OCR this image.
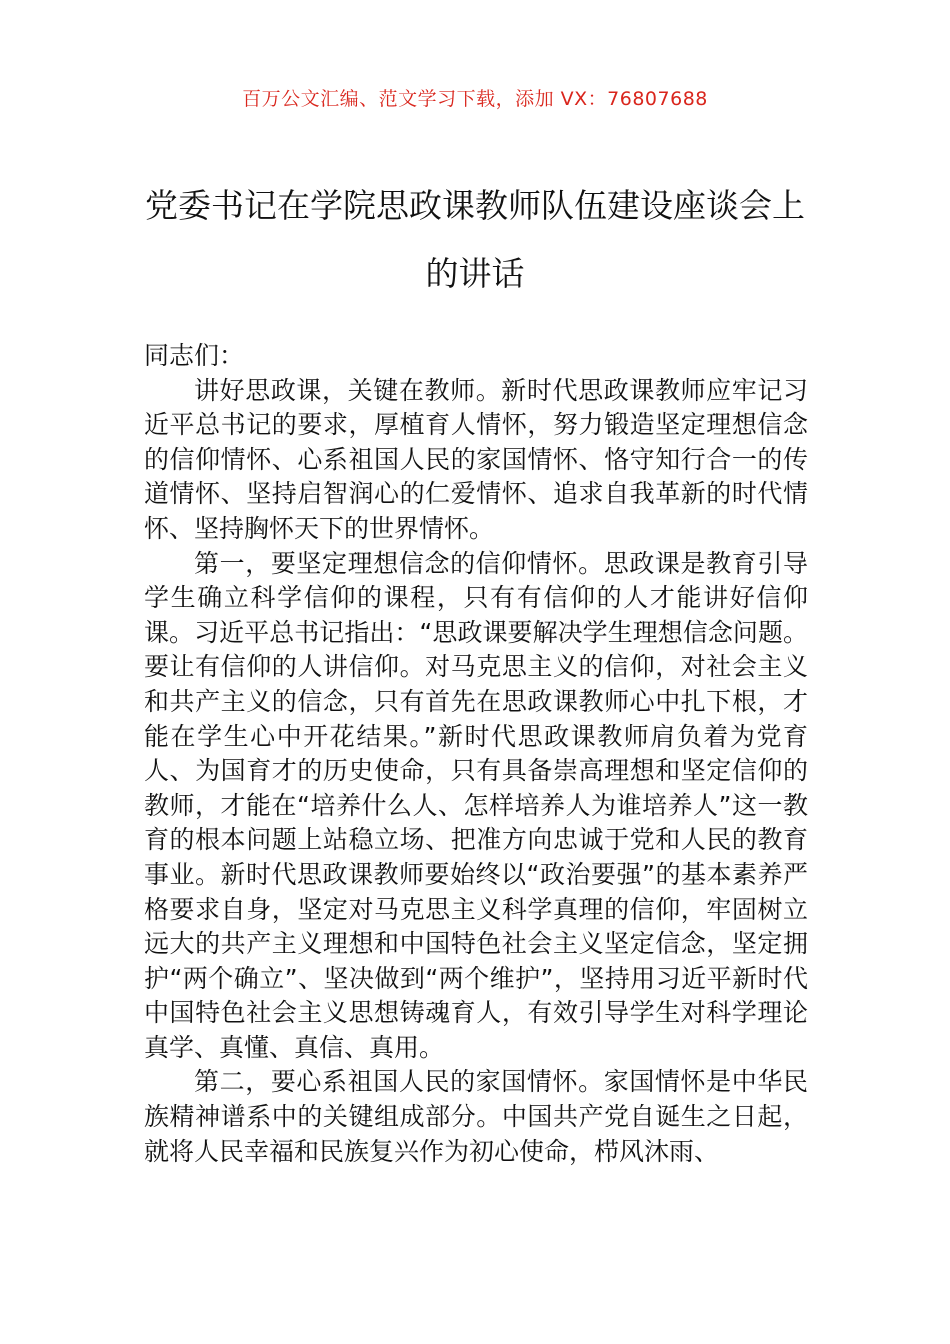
百万公文汇编、范文学习下载，添加 VX：76807688
党委书记在学院思政课教师队伍建设座谈会上的讲话

同志们：

讲好思政课，关键在教师。新时代思政课教师应牢记习近平总书记的要求，厚植育人情怀，努力锻造坚定理想信念的信仰情怀、心系祖国人民的家国情怀、恪守知行合一的传道情怀、坚持启智润心的仁爱情怀、追求自我革新的时代情怀、坚持胸怀天下的世界情怀。

第一，要坚定理想信念的信仰情怀。思政课是教育引导学生确立科学信仰的课程，只有有信仰的人才能讲好信仰课。习近平总书记指出：“思政课要解决学生理想信念问题。要让有信仰的人讲信仰。对马克思主义的信仰，对社会主义和共产主义的信念，只有首先在思政课教师心中扎下根，才能在学生心中开花结果。”新时代思政课教师肩负着为党育人、为国育才的历史使命，只有具备崇高理想和坚定信仰的教师，才能在“培养什么人、怎样培养人为谁培养人”这一教育的根本问题上站稳立场、把准方向忠诚于党和人民的教育事业。新时代思政课教师要始终以“政治要强”的基本素养严格要求自身，坚定对马克思主义科学真理的信仰，牢固树立远大的共产主义理想和中国特色社会主义坚定信念，坚定拥护“两个确立”、坚决做到“两个维护”，坚持用习近平新时代中国特色社会主义思想铸魂育人，有效引导学生对科学理论真学、真懂、真信、真用。

第二，要心系祖国人民的家国情怀。家国情怀是中华民族精神谱系中的关键组成部分。中国共产党自诞生之日起，就将人民幸福和民族复兴作为初心使命，栉风沐雨、
